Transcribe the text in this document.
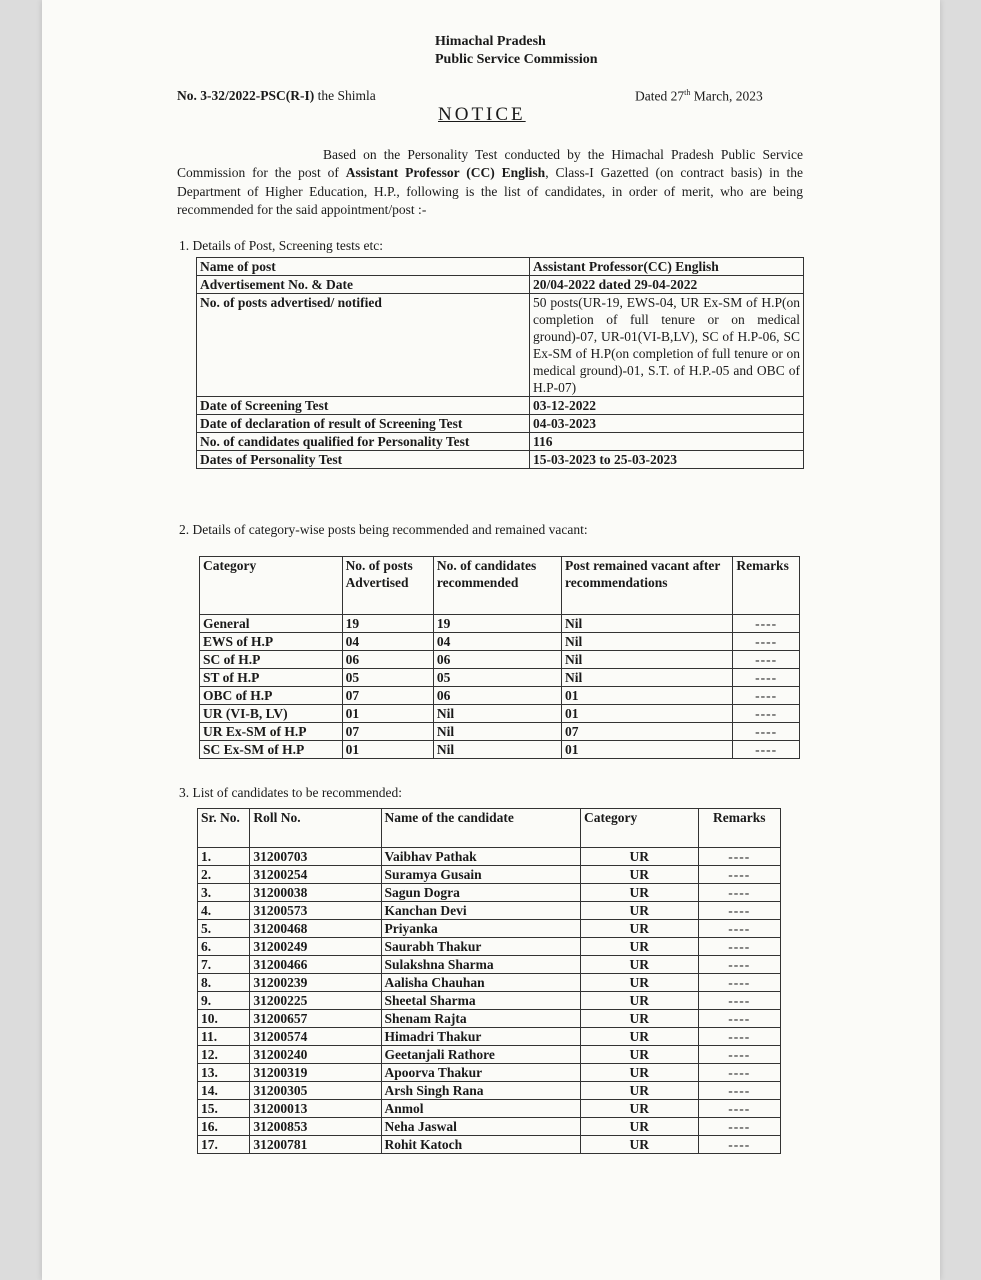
Himachal Pradesh
Public Service Commission
No. 3-32/2022-PSC(R-I) the Shimla	Dated 27th March, 2023
NOTICE
Based on the Personality Test conducted by the Himachal Pradesh Public Service Commission for the post of Assistant Professor (CC) English, Class-I Gazetted (on contract basis) in the Department of Higher Education, H.P., following is the list of candidates, in order of merit, who are being recommended for the said appointment/post :-
1. Details of Post, Screening tests etc:
Name of post	Assistant Professor(CC) English
Advertisement No. & Date	20/04-2022 dated 29-04-2022
No. of posts advertised/ notified	50 posts(UR-19, EWS-04, UR Ex-SM of H.P(on completion of full tenure or on medical ground)-07, UR-01(VI-B,LV), SC of H.P-06, SC Ex-SM of H.P(on completion of full tenure or on medical ground)-01, S.T. of H.P.-05 and OBC of H.P-07)
Date of Screening Test	03-12-2022
Date of declaration of result of Screening Test	04-03-2023
No. of candidates qualified for Personality Test	116
Dates of Personality Test	15-03-2023 to 25-03-2023
2. Details of category-wise posts being recommended and remained vacant:
Category	No. of posts Advertised	No. of candidates recommended	Post remained vacant after recommendations	Remarks
General	19	19	Nil	----
EWS of H.P	04	04	Nil	----
SC of H.P	06	06	Nil	----
ST of H.P	05	05	Nil	----
OBC of H.P	07	06	01	----
UR (VI-B, LV)	01	Nil	01	----
UR Ex-SM of H.P	07	Nil	07	----
SC Ex-SM of H.P	01	Nil	01	----
3. List of candidates to be recommended:
Sr. No.	Roll No.	Name of the candidate	Category	Remarks
1.	31200703	Vaibhav Pathak	UR	----
2.	31200254	Suramya Gusain	UR	----
3.	31200038	Sagun Dogra	UR	----
4.	31200573	Kanchan Devi	UR	----
5.	31200468	Priyanka	UR	----
6.	31200249	Saurabh Thakur	UR	----
7.	31200466	Sulakshna Sharma	UR	----
8.	31200239	Aalisha Chauhan	UR	----
9.	31200225	Sheetal Sharma	UR	----
10.	31200657	Shenam Rajta	UR	----
11.	31200574	Himadri Thakur	UR	----
12.	31200240	Geetanjali Rathore	UR	----
13.	31200319	Apoorva Thakur	UR	----
14.	31200305	Arsh Singh Rana	UR	----
15.	31200013	Anmol	UR	----
16.	31200853	Neha Jaswal	UR	----
17.	31200781	Rohit Katoch	UR	----
